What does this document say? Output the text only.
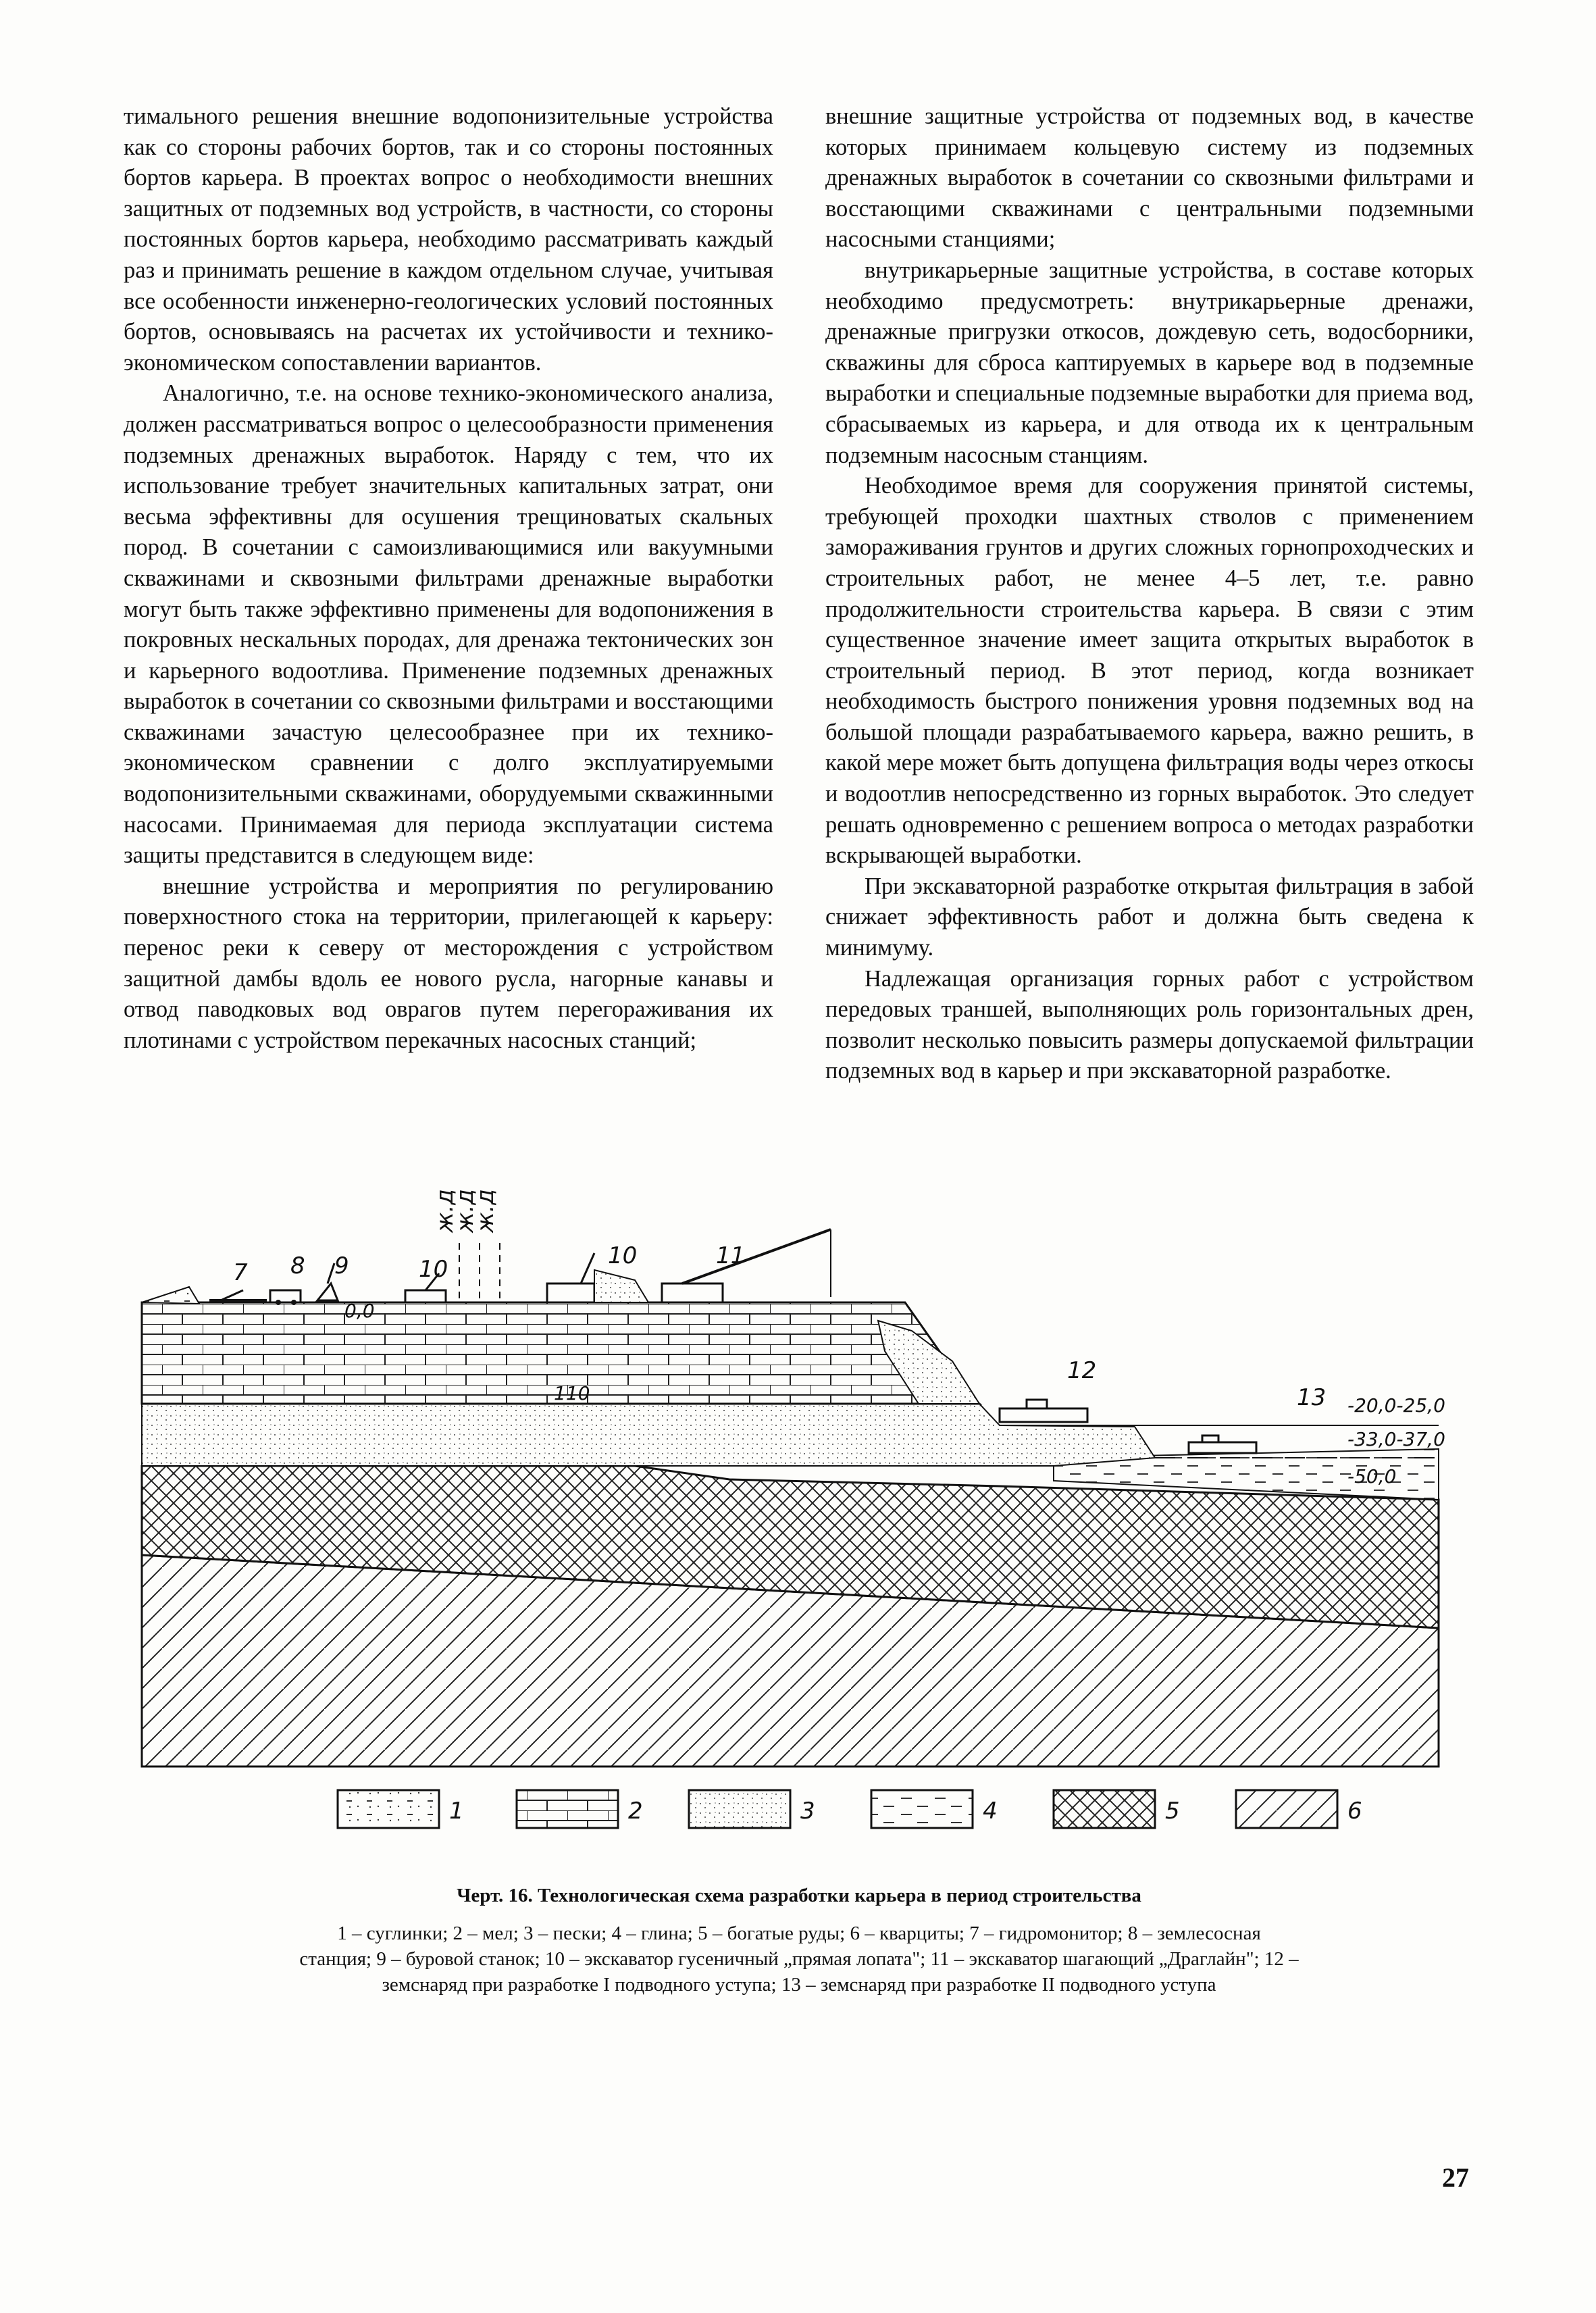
тимального решения внешние водопонизительные устройства как со стороны рабочих бортов, так и со стороны постоянных бортов карьера. В проектах вопрос о необходимости внешних защитных от подземных вод устройств, в частности, со стороны постоянных бортов карьера, необходимо рассматривать каждый раз и принимать решение в каждом отдельном случае, учитывая все особенности инженерно-геологических условий постоянных бортов, основываясь на расчетах их устойчивости и технико-экономическом сопоставлении вариантов.

Аналогично, т.е. на основе технико-экономического анализа, должен рассматриваться вопрос о целесообразности применения подземных дренажных выработок. Наряду с тем, что их использование требует значительных капитальных затрат, они весьма эффективны для осушения трещиноватых скальных пород. В сочетании с самоизливающимися или вакуумными скважинами и сквозными фильтрами дренажные выработки могут быть также эффективно применены для водопонижения в покровных нескальных породах, для дренажа тектонических зон и карьерного водоотлива. Применение подземных дренажных выработок в сочетании со сквозными фильтрами и восстающими скважинами зачастую целесообразнее при их технико-экономическом сравнении с долго эксплуатируемыми водопонизительными скважинами, оборудуемыми скважинными насосами. Принимаемая для периода эксплуатации система защиты представится в следующем виде:

внешние устройства и мероприятия по регулированию поверхностного стока на территории, прилегающей к карьеру: перенос реки к северу от месторождения с устройством защитной дамбы вдоль ее нового русла, нагорные канавы и отвод паводковых вод оврагов путем перегораживания их плотинами с устройством перекачных насосных станций;

внешние защитные устройства от подземных вод, в качестве которых принимаем кольцевую систему из подземных дренажных выработок в сочетании со сквозными фильтрами и восстающими скважинами с центральными подземными насосными станциями;

внутрикарьерные защитные устройства, в составе которых необходимо предусмотреть: внутрикарьерные дренажи, дренажные пригрузки откосов, дождевую сеть, водосборники, скважины для сброса каптируемых в карьере вод в подземные выработки и специальные подземные выработки для приема вод, сбрасываемых из карьера, и для отвода их к центральным подземным насосным станциям.

Необходимое время для сооружения принятой системы, требующей проходки шахтных стволов с применением замораживания грунтов и других сложных горнопроходческих и строительных работ, не менее 4–5 лет, т.е. равно продолжительности строительства карьера. В связи с этим существенное значение имеет защита открытых выработок в строительный период. В этот период, когда возникает необходимость быстрого понижения уровня подземных вод на большой площади разрабатываемого карьера, важно решить, в какой мере может быть допущена фильтрация воды через откосы и водоотлив непосредственно из горных выработок. Это следует решать одновременно с решением вопроса о методах разработки вскрывающей выработки.

При экскаваторной разработке открытая фильтрация в забой снижает эффективность работ и должна быть сведена к минимуму.

Надлежащая организация горных работ с устройством передовых траншей, выполняющих роль горизонтальных дрен, позволит несколько повысить размеры допускаемой фильтрации подземных вод в карьер и при экскаваторной разработке.

ж.д
ж.д
ж.д
7 8 9	10	10	11
12
13
0,0
110
-20,0-25,0
-33,0-37,0
-50,0
1	2	3	4	5	6
Черт. 16. Технологическая схема разработки карьера в период строительства
1 – суглинки; 2 – мел; 3 – пески; 4 – глина; 5 – богатые руды; 6 – кварциты; 7 – гидромонитор; 8 – землесосная
станция; 9 – буровой станок; 10 – экскаватор гусеничный „прямая лопата"; 11 – экскаватор шагающий „Драглайн"; 12 –
земснаряд при разработке I подводного уступа; 13 – земснаряд при разработке II подводного уступа
27
